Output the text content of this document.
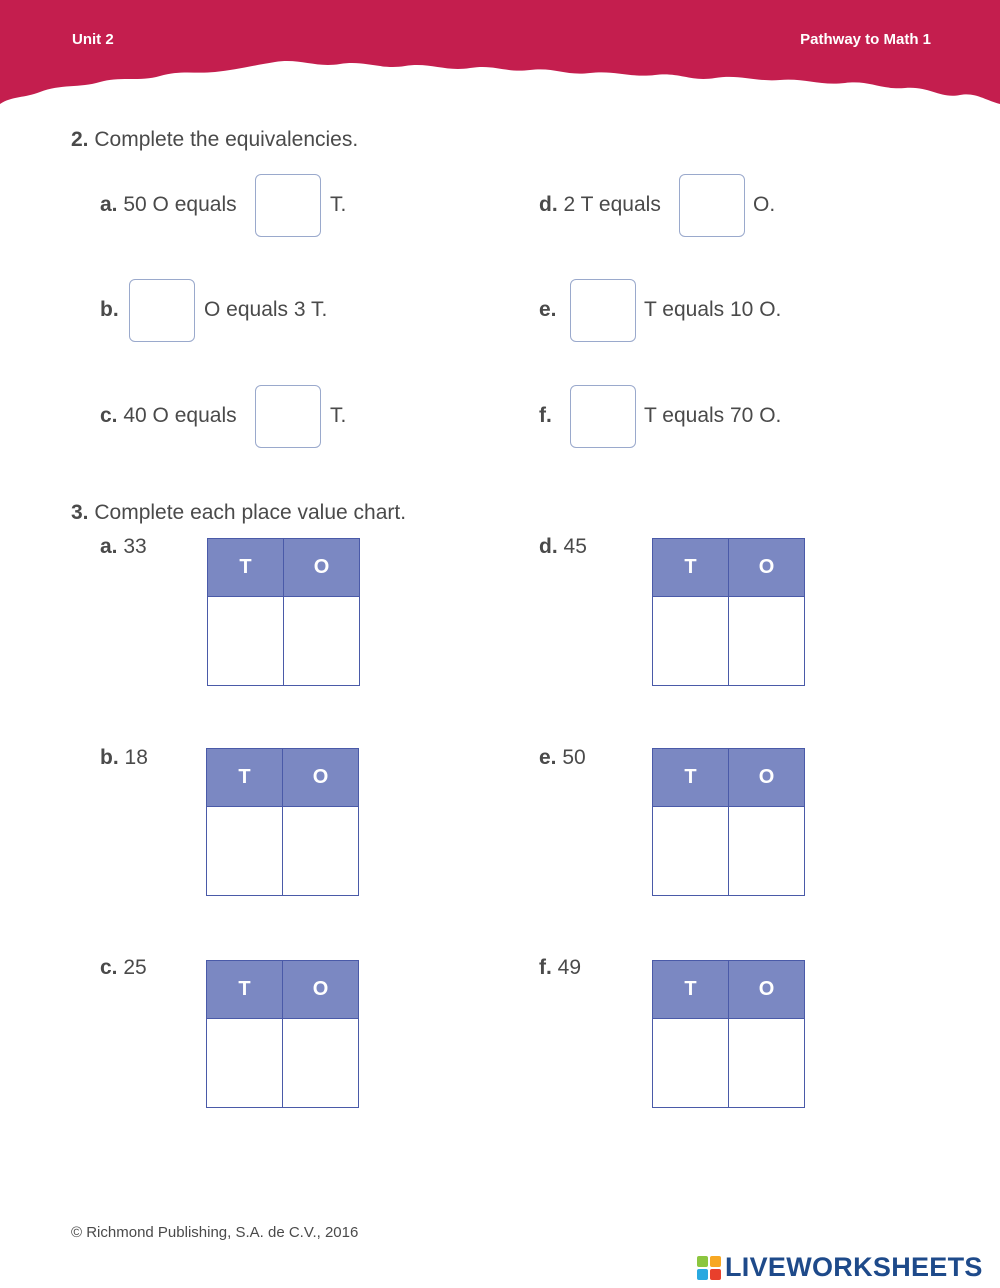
Unit 2	Pathway to Math 1
2. Complete the equivalencies.
a. 50 O equals	T.
b.	O equals 3 T.
c. 40 O equals	T.
d. 2 T equals	O.
e.	T equals 10 O.
f.	T equals 70 O.
3. Complete each place value chart.
a. 33
T	O
b. 18
T	O
c. 25
T	O
d. 45
T	O
e. 50
T	O
f. 49
T	O
© Richmond Publishing, S.A. de C.V., 2016
LIVEWORKSHEETS
